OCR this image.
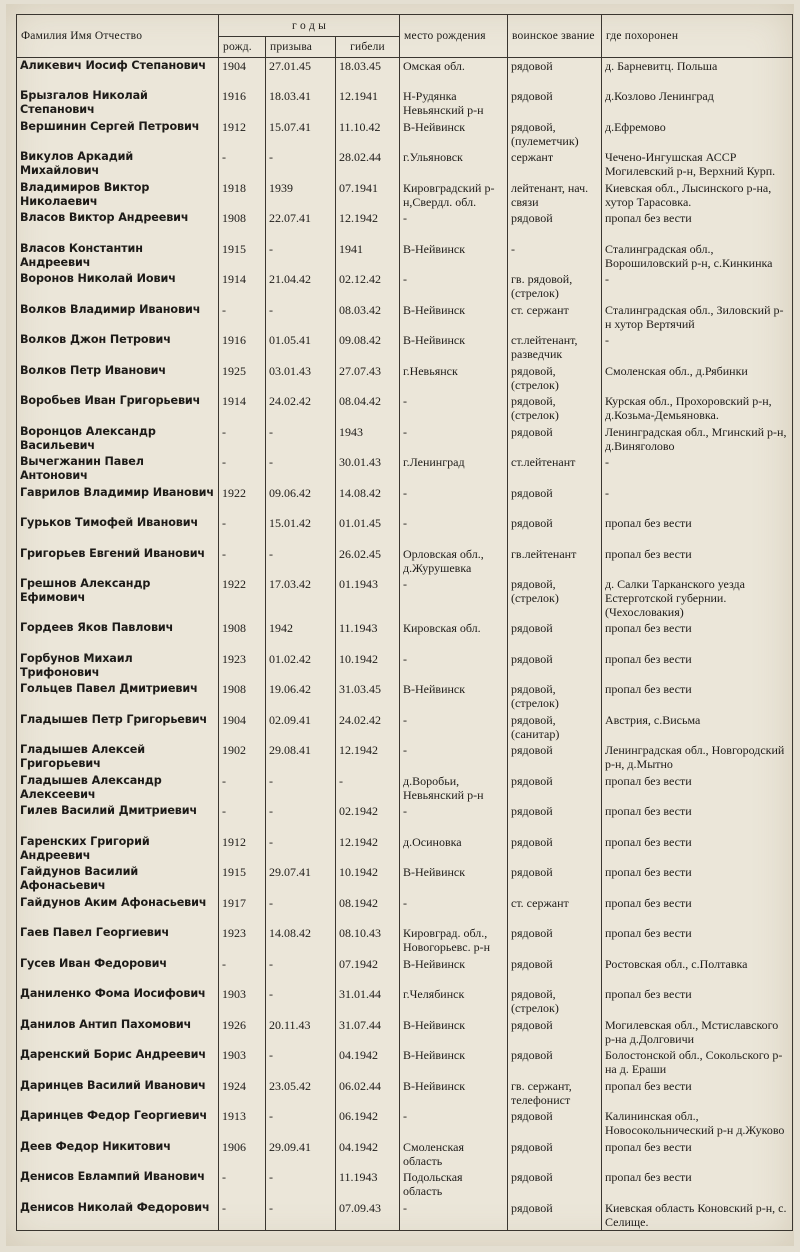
Фамилия Имя Отчество	г о д ы			место рождения	воинское звание	где похоронен
	рожд.	призыва	гибели			
Аликевич Иосиф Степанович	1904	27.01.45	18.03.45	Омская обл.	рядовой	д. Барневитц. Польша
Брызгалов Николай Степанович	1916	18.03.41	12.1941	Н-Рудянка Невьянский р-н	рядовой	д.Козлово Ленинград
Вершинин Сергей Петрович	1912	15.07.41	11.10.42	В-Нейвинск	рядовой, (пулеметчик)	д.Ефремово
Викулов Аркадий Михайлович	-	-	28.02.44	г.Ульяновск	сержант	Чечено-Ингушская АССР Могилевский р-н, Верхний Курп.
Владимиров Виктор Николаевич	1918	1939	07.1941	Кировградский р-н,Свердл. обл.	лейтенант, нач. связи	Киевская обл., Лысинского р-на, хутор Тарасовка.
Власов Виктор Андреевич	1908	22.07.41	12.1942	-	рядовой	пропал без вести
Власов Константин Андреевич	1915	-	1941	В-Нейвинск	-	Сталинградская обл., Ворошиловский р-н, с.Кинкинка
Воронов Николай Иович	1914	21.04.42	02.12.42	-	гв. рядовой, (стрелок)	-
Волков Владимир Иванович	-	-	08.03.42	В-Нейвинск	ст. сержант	Сталинградская обл., Зиловский р-н хутор Вертячий
Волков Джон Петрович	1916	01.05.41	09.08.42	В-Нейвинск	ст.лейтенант, разведчик	-
Волков Петр Иванович	1925	03.01.43	27.07.43	г.Невьянск	рядовой, (стрелок)	Смоленская обл., д.Рябинки
Воробьев Иван Григорьевич	1914	24.02.42	08.04.42	-	рядовой, (стрелок)	Курская обл., Прохоровский р-н, д.Козьма-Демьяновка.
Воронцов Александр Васильевич	-	-	1943	-	рядовой	Ленинградская обл., Мгинский р-н, д.Виняголово
Вычегжанин Павел Антонович	-	-	30.01.43	г.Ленинград	ст.лейтенант	-
Гаврилов Владимир Иванович	1922	09.06.42	14.08.42	-	рядовой	-
Гурьков Тимофей Иванович	-	15.01.42	01.01.45	-	рядовой	пропал без вести
Григорьев Евгений Иванович	-	-	26.02.45	Орловская обл., д.Журушевка	гв.лейтенант	пропал без вести
Грешнов Александр Ефимович	1922	17.03.42	01.1943	-	рядовой, (стрелок)	д. Салки Тарканского уезда Естерготской губернии. (Чехословакия)
Гордеев Яков Павлович	1908	1942	11.1943	Кировская обл.	рядовой	пропал без вести
Горбунов Михаил Трифонович	1923	01.02.42	10.1942	-	рядовой	пропал без вести
Гольцев Павел Дмитриевич	1908	19.06.42	31.03.45	В-Нейвинск	рядовой, (стрелок)	пропал без вести
Гладышев Петр Григорьевич	1904	02.09.41	24.02.42	-	рядовой, (санитар)	Австрия, с.Висьма
Гладышев Алексей Григорьевич	1902	29.08.41	12.1942	-	рядовой	Ленинградская обл., Новгородский р-н, д.Мытно
Гладышев Александр Алексеевич	-	-	-	д.Воробьи, Невьянский р-н	рядовой	пропал без вести
Гилев Василий Дмитриевич	-	-	02.1942	-	рядовой	пропал без вести
Гаренских Григорий Андреевич	1912	-	12.1942	д.Осиновка	рядовой	пропал без вести
Гайдунов Василий Афонасьевич	1915	29.07.41	10.1942	В-Нейвинск	рядовой	пропал без вести
Гайдунов Аким Афонасьевич	1917	-	08.1942	-	ст. сержант	пропал без вести
Гаев Павел Георгиевич	1923	14.08.42	08.10.43	Кировград. обл., Новогорьевс. р-н	рядовой	пропал без вести
Гусев Иван Федорович	-	-	07.1942	В-Нейвинск	рядовой	Ростовская обл., с.Полтавка
Даниленко Фома Иосифович	1903	-	31.01.44	г.Челябинск	рядовой, (стрелок)	пропал без вести
Данилов Антип Пахомович	1926	20.11.43	31.07.44	В-Нейвинск	рядовой	Могилевская обл., Мстиславского р-на д.Долговичи
Даренский Борис Андреевич	1903	-	04.1942	В-Нейвинск	рядовой	Болостонской обл., Сокольского р-на д. Ераши
Даринцев Василий Иванович	1924	23.05.42	06.02.44	В-Нейвинск	гв. сержант, телефонист	пропал без вести
Даринцев Федор Георгиевич	1913	-	06.1942	-	рядовой	Калининская обл., Новосокольнический р-н д.Жуково
Деев Федор Никитович	1906	29.09.41	04.1942	Смоленская область	рядовой	пропал без вести
Денисов Евлампий Иванович	-	-	11.1943	Подольская область	рядовой	пропал без вести
Денисов Николай Федорович	-	-	07.09.43	-	рядовой	Киевская область Коновский р-н, с. Селище.
